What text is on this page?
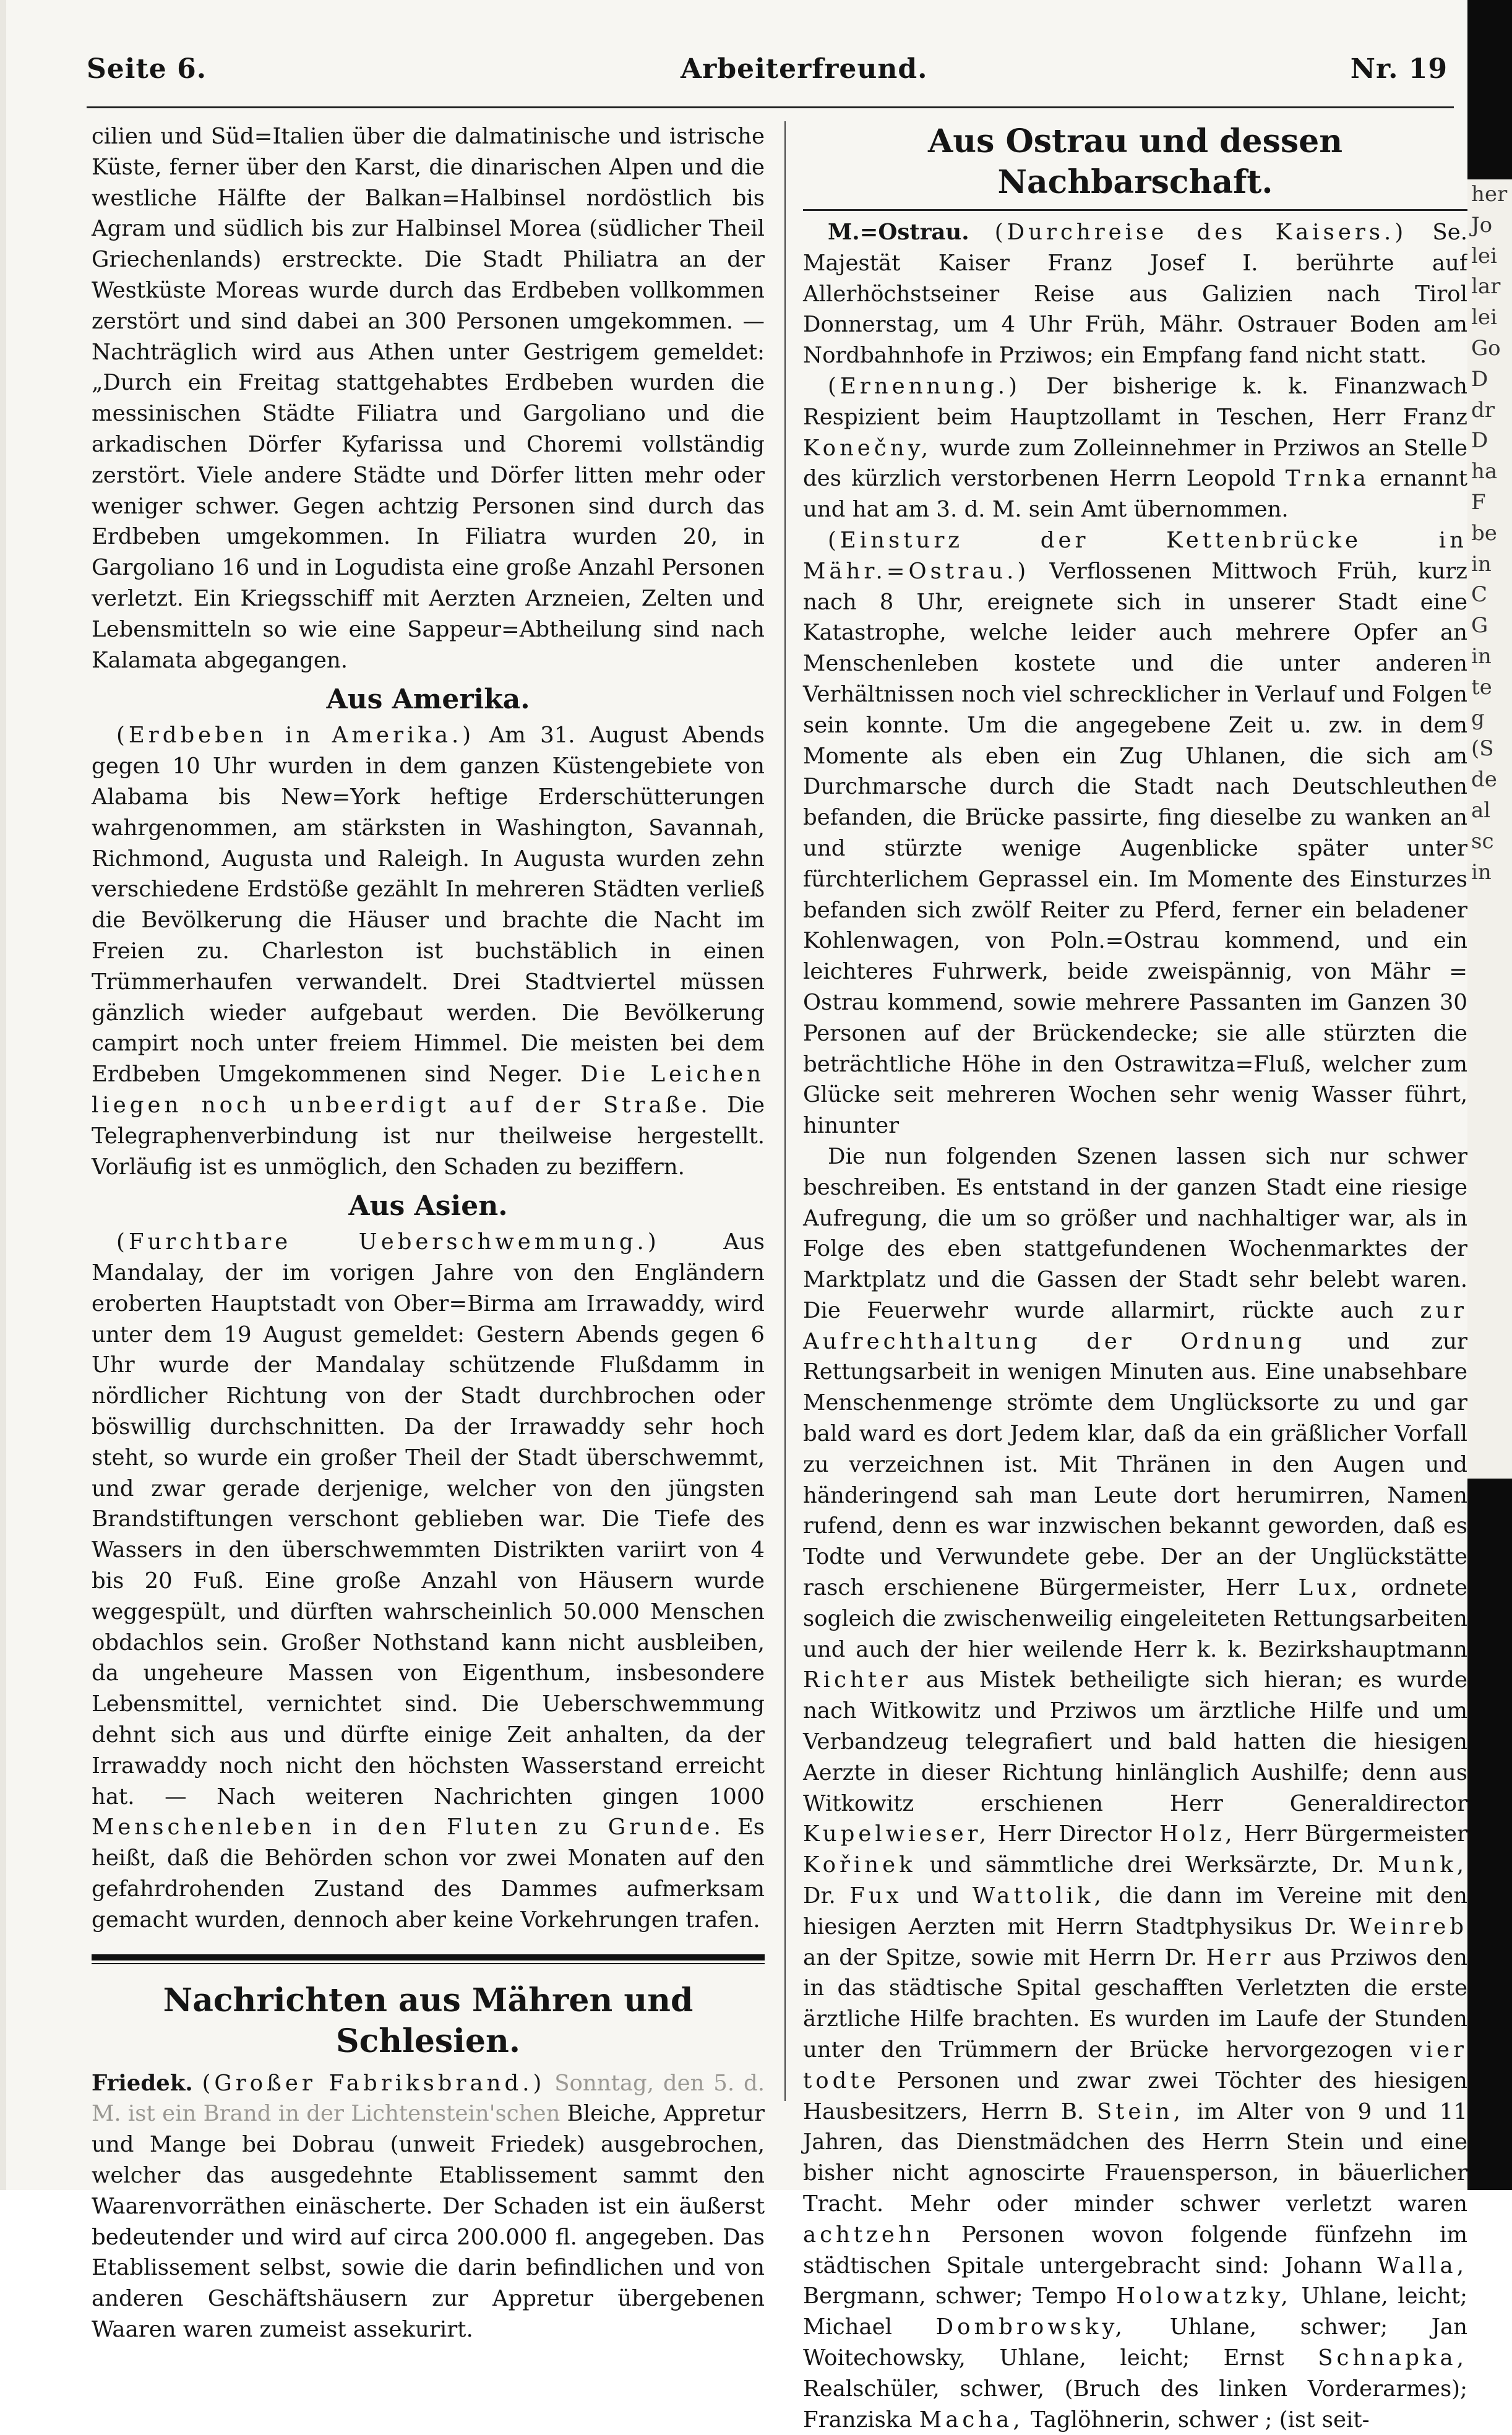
Seite 6.	Arbeiterfreund.	Nr. 19

cilien und Süd=Italien über die dalmatinische und istrische Küste, ferner über den Karst, die dinarischen Alpen und die westliche Hälfte der Balkan=Halbinsel nordöstlich bis Agram und südlich bis zur Halbinsel Morea (südlicher Theil Griechenlands) erstreckte. Die Stadt Philiatra an der Westküste Moreas wurde durch das Erdbeben vollkommen zerstört und sind dabei an 300 Personen umgekommen. — Nachträglich wird aus Athen unter Gestrigem gemeldet: „Durch ein Freitag stattgehabtes Erdbeben wurden die messinischen Städte Filiatra und Gargoliano und die arkadischen Dörfer Kyfarissa und Choremi vollständig zerstört. Viele andere Städte und Dörfer litten mehr oder weniger schwer. Gegen achtzig Personen sind durch das Erdbeben umgekommen. In Filiatra wurden 20, in Gargoliano 16 und in Logudista eine große Anzahl Personen verletzt. Ein Kriegsschiff mit Aerzten Arzneien, Zelten und Lebensmitteln so wie eine Sappeur=Abtheilung sind nach Kalamata abgegangen.

Aus Amerika.

(Erdbeben in Amerika.) Am 31. August Abends gegen 10 Uhr wurden in dem ganzen Küstengebiete von Alabama bis New=York heftige Erderschütterungen wahrgenommen, am stärksten in Washington, Savannah, Richmond, Augusta und Raleigh. In Augusta wurden zehn verschiedene Erdstöße gezählt In mehreren Städten verließ die Bevölkerung die Häuser und brachte die Nacht im Freien zu. Charleston ist buchstäblich in einen Trümmerhaufen verwandelt. Drei Stadtviertel müssen gänzlich wieder aufgebaut werden. Die Bevölkerung campirt noch unter freiem Himmel. Die meisten bei dem Erdbeben Umgekommenen sind Neger. Die Leichen liegen noch unbeerdigt auf der Straße. Die Telegraphenverbindung ist nur theilweise hergestellt. Vorläufig ist es unmöglich, den Schaden zu beziffern.

Aus Asien.

(Furchtbare Ueberschwemmung.)	Aus Mandalay, der im vorigen Jahre von den Engländern eroberten Hauptstadt von Ober=Birma am Irrawaddy, wird unter dem 19 August gemeldet: Gestern Abends gegen 6 Uhr wurde der Mandalay schützende Flußdamm in nördlicher Richtung von der Stadt durchbrochen oder böswillig durchschnitten. Da der Irrawaddy sehr hoch steht, so wurde ein großer Theil der Stadt überschwemmt, und zwar gerade derjenige, welcher von den jüngsten Brandstiftungen verschont geblieben war. Die Tiefe des Wassers in den überschwemmten Distrikten variirt von 4 bis 20 Fuß. Eine große Anzahl von Häusern wurde weggespült, und dürften wahrscheinlich 50.000 Menschen obdachlos sein. Großer Nothstand kann nicht ausbleiben, da ungeheure Massen von Eigenthum, insbesondere Lebensmittel, vernichtet sind. Die Ueberschwemmung dehnt sich aus und dürfte einige Zeit anhalten, da der Irrawaddy noch nicht den höchsten Wasserstand erreicht hat. — Nach weiteren Nachrichten gingen 1000 Menschenleben in den Fluten zu Grunde. Es heißt, daß die Behörden schon vor zwei Monaten auf den gefahrdrohenden Zustand des Dammes aufmerksam gemacht wurden, dennoch aber keine Vorkehrungen trafen.

Nachrichten aus Mähren und Schlesien.

Friedek. (Großer Fabriksbrand.) Sonntag, den 5. d. M. ist ein Brand in der Lichtenstein'schen Bleiche, Appretur und Mange bei Dobrau (unweit Friedek) ausgebrochen, welcher das ausgedehnte Etablissement sammt den Waarenvorräthen einäscherte. Der Schaden ist ein äußerst bedeutender und wird auf circa 200.000 fl. angegeben. Das Etablissement selbst, sowie die darin befindlichen und von anderen Geschäftshäusern zur Appretur übergebenen Waaren waren zumeist assekurirt.

Aus Ostrau und dessen Nachbarschaft.

M.=Ostrau. (Durchreise des Kaisers.) Se. Majestät Kaiser Franz Josef I. berührte auf Allerhöchstseiner Reise aus Galizien nach Tirol Donnerstag, um 4 Uhr Früh, Mähr. Ostrauer Boden am Nordbahnhofe in Prziwos; ein Empfang fand nicht statt.

(Ernennung.) Der bisherige k. k. Finanzwach Respizient beim Hauptzollamt in Teschen, Herr Franz Konečny, wurde zum Zolleinnehmer in Prziwos an Stelle des kürzlich verstorbenen Herrn Leopold Trnka ernannt und hat am 3. d. M. sein Amt übernommen.

(Einsturz der Kettenbrücke in Mähr.=Ostrau.) Verflossenen Mittwoch Früh, kurz nach 8 Uhr, ereignete sich in unserer Stadt eine Katastrophe, welche leider auch mehrere Opfer an Menschenleben kostete und die unter anderen Verhältnissen noch viel schrecklicher in Verlauf und Folgen sein konnte. Um die angegebene Zeit u. zw. in dem Momente als eben ein Zug Uhlanen, die sich am Durchmarsche durch die Stadt nach Deutschleuthen befanden, die Brücke passirte, fing dieselbe zu wanken an und stürzte wenige Augenblicke später unter fürchterlichem Geprassel ein. Im Momente des Einsturzes befanden sich zwölf Reiter zu Pferd, ferner ein beladener Kohlenwagen, von Poln.=Ostrau kommend, und ein leichteres Fuhrwerk, beide zweispännig, von Mähr = Ostrau kommend, sowie mehrere Passanten im Ganzen 30 Personen auf der Brückendecke; sie alle stürzten die beträchtliche Höhe in den Ostrawitza=Fluß, welcher zum Glücke seit mehreren Wochen sehr wenig Wasser führt, hinunter

Die nun folgenden Szenen lassen sich nur schwer beschreiben. Es entstand in der ganzen Stadt eine riesige Aufregung, die um so größer und nachhaltiger war, als in Folge des eben stattgefundenen Wochenmarktes der Marktplatz und die Gassen der Stadt sehr belebt waren. Die Feuerwehr wurde allarmirt, rückte auch zur Aufrechthaltung der Ordnung und zur Rettungsarbeit in wenigen Minuten aus. Eine unabsehbare Menschenmenge strömte dem Unglücksorte zu und gar bald ward es dort Jedem klar, daß da ein gräßlicher Vorfall zu verzeichnen ist. Mit Thränen in den Augen und händeringend sah man Leute dort herumirren, Namen rufend, denn es war inzwischen bekannt geworden, daß es Todte und Verwundete gebe. Der an der Unglückstätte rasch erschienene Bürgermeister, Herr Lux, ordnete sogleich die zwischenweilig eingeleiteten Rettungsarbeiten und auch der hier weilende Herr k. k. Bezirkshauptmann Richter aus Mistek betheiligte sich hieran; es wurde nach Witkowitz und Prziwos um ärztliche Hilfe und um Verbandzeug telegrafiert und bald hatten die hiesigen Aerzte in dieser Richtung hinlänglich Aushilfe; denn aus Witkowitz erschienen Herr Generaldirector Kupelwieser, Herr Director Holz, Herr Bürgermeister Kořinek und sämmtliche drei Werksärzte, Dr. Munk, Dr. Fux und Wattolik, die dann im Vereine mit den hiesigen Aerzten mit Herrn Stadtphysikus Dr. Weinreb an der Spitze, sowie mit Herrn Dr. Herr aus Prziwos den in das städtische Spital geschafften Verletzten die erste ärztliche Hilfe brachten. Es wurden im Laufe der Stunden unter den Trümmern der Brücke hervorgezogen vier todte Personen und zwar zwei Töchter des hiesigen Hausbesitzers, Herrn B. Stein, im Alter von 9 und 11 Jahren, das Dienstmädchen des Herrn Stein und eine bisher nicht agnoscirte Frauensperson, in bäuerlicher Tracht. Mehr oder minder schwer verletzt waren achtzehn Personen wovon folgende fünfzehn im städtischen Spitale untergebracht sind: Johann Walla, Bergmann, schwer; Tempo Holowatzky, Uhlane, leicht; Michael Dombrowsky, Uhlane, schwer; Jan Woitechowsky, Uhlane, leicht; Ernst Schnapka, Realschüler, schwer, (Bruch des linken Vorderarmes); Franziska Macha, Taglöhnerin, schwer ; (ist seit-

her
Jo
lei
lar
lei
Go
D
dr
D
ha
F
be
in
C
G
in
te
g
(S
de
al
sc
in
